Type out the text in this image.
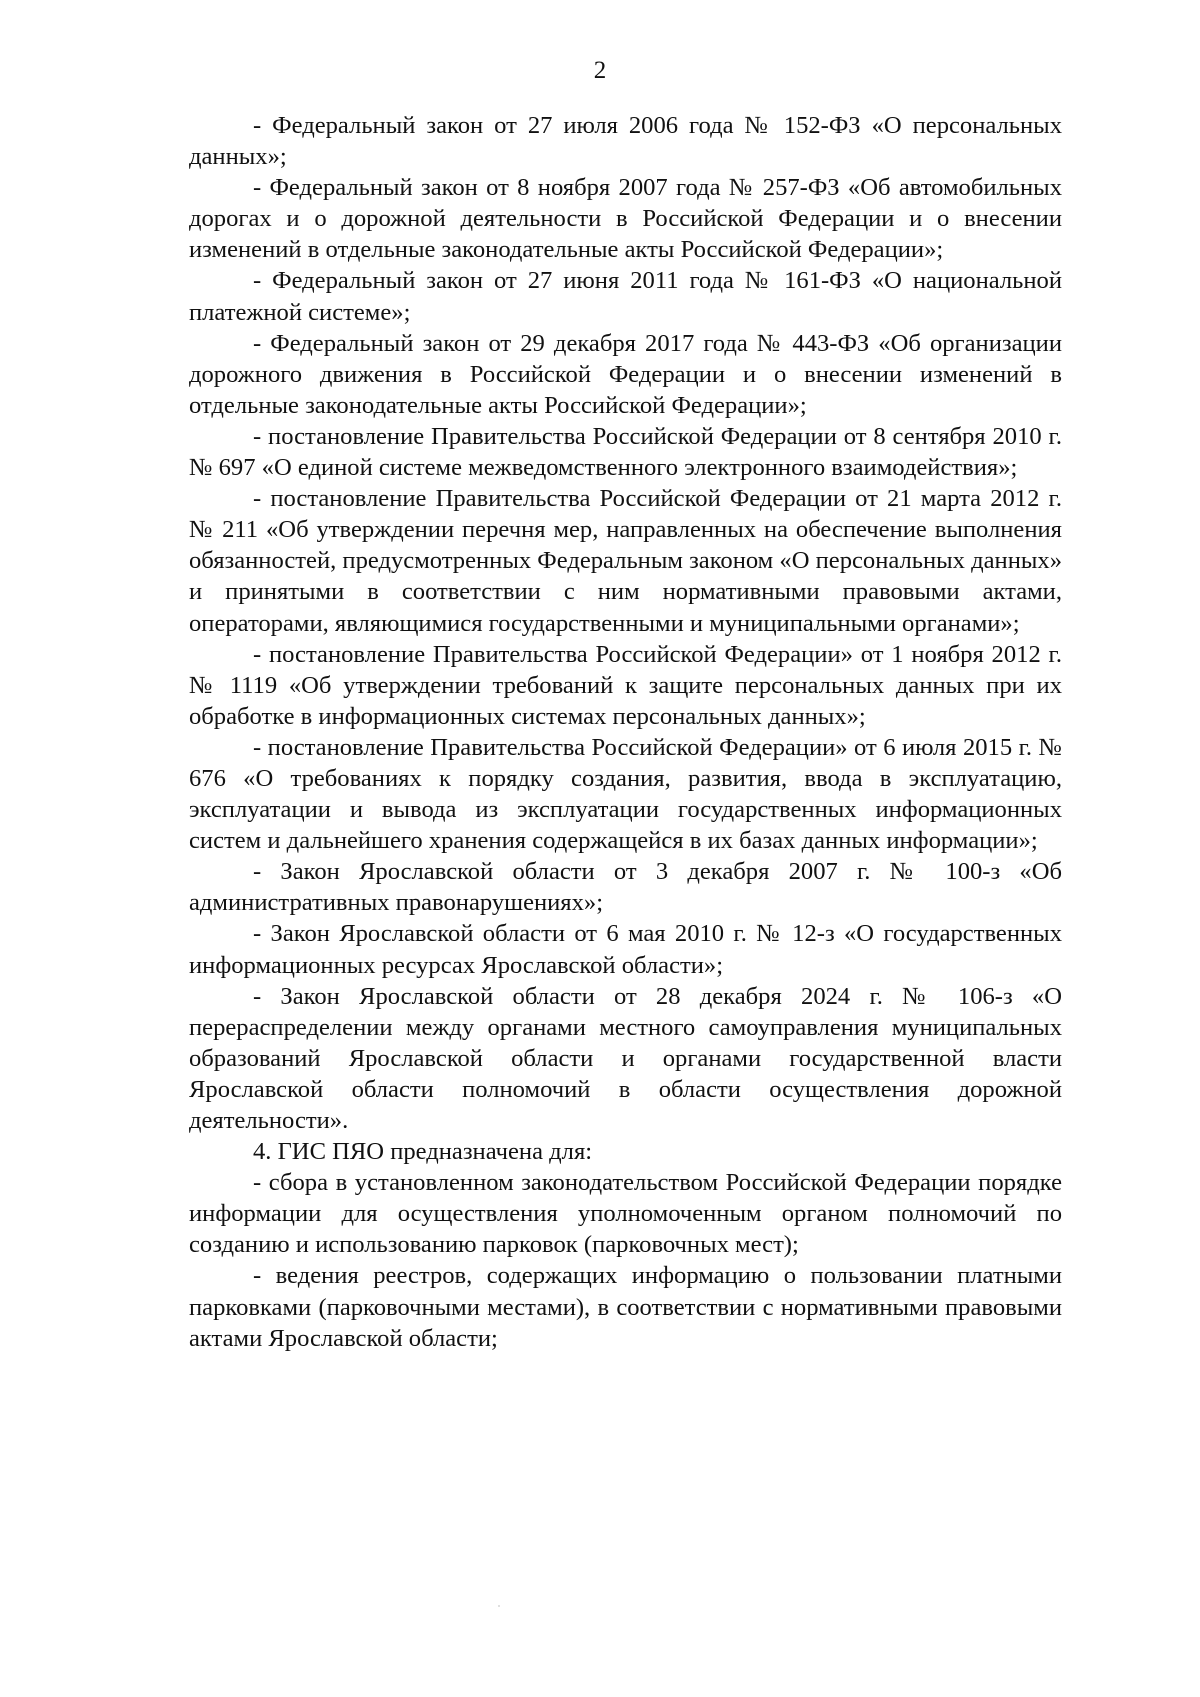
2

- Федеральный закон от 27 июля 2006 года № 152-ФЗ «О персональных данных»;

- Федеральный закон от 8 ноября 2007 года № 257-ФЗ «Об автомобильных дорогах и о дорожной деятельности в Российской Федерации и о внесении изменений в отдельные законодательные акты Российской Федерации»;

- Федеральный закон от 27 июня 2011 года № 161-ФЗ «О национальной платежной системе»;

- Федеральный закон от 29 декабря 2017 года № 443-ФЗ «Об организации дорожного движения в Российской Федерации и о внесении изменений в отдельные законодательные акты Российской Федерации»;

- постановление Правительства Российской Федерации от 8 сентября 2010 г. № 697 «О единой системе межведомственного электронного взаимодействия»;

- постановление Правительства Российской Федерации от 21 марта 2012 г. № 211 «Об утверждении перечня мер, направленных на обеспечение выполнения обязанностей, предусмотренных Федеральным законом «О персональных данных» и принятыми в соответствии с ним нормативными правовыми актами, операторами, являющимися государственными и муниципальными органами»;

- постановление Правительства Российской Федерации» от 1 ноября 2012 г. № 1119 «Об утверждении требований к защите персональных данных при их обработке в информационных системах персональных данных»;

- постановление Правительства Российской Федерации» от 6 июля 2015 г. № 676 «О требованиях к порядку создания, развития, ввода в эксплуатацию, эксплуатации и вывода из эксплуатации государственных информационных систем и дальнейшего хранения содержащейся в их базах данных информации»;

- Закон Ярославской области от 3 декабря 2007 г. № 100-з «Об административных правонарушениях»;

- Закон Ярославской области от 6 мая 2010 г. № 12-з «О государственных информационных ресурсах Ярославской области»;

- Закон Ярославской области от 28 декабря 2024 г. № 106-з «О перераспределении между органами местного самоуправления муниципальных образований Ярославской области и органами государственной власти Ярославской области полномочий в области осуществления дорожной деятельности».

4. ГИС ПЯО предназначена для:

- сбора в установленном законодательством Российской Федерации порядке информации для осуществления уполномоченным органом полномочий по созданию и использованию парковок (парковочных мест);

- ведения реестров, содержащих информацию о пользовании платными парковками (парковочными местами), в соответствии с нормативными правовыми актами Ярославской области;
